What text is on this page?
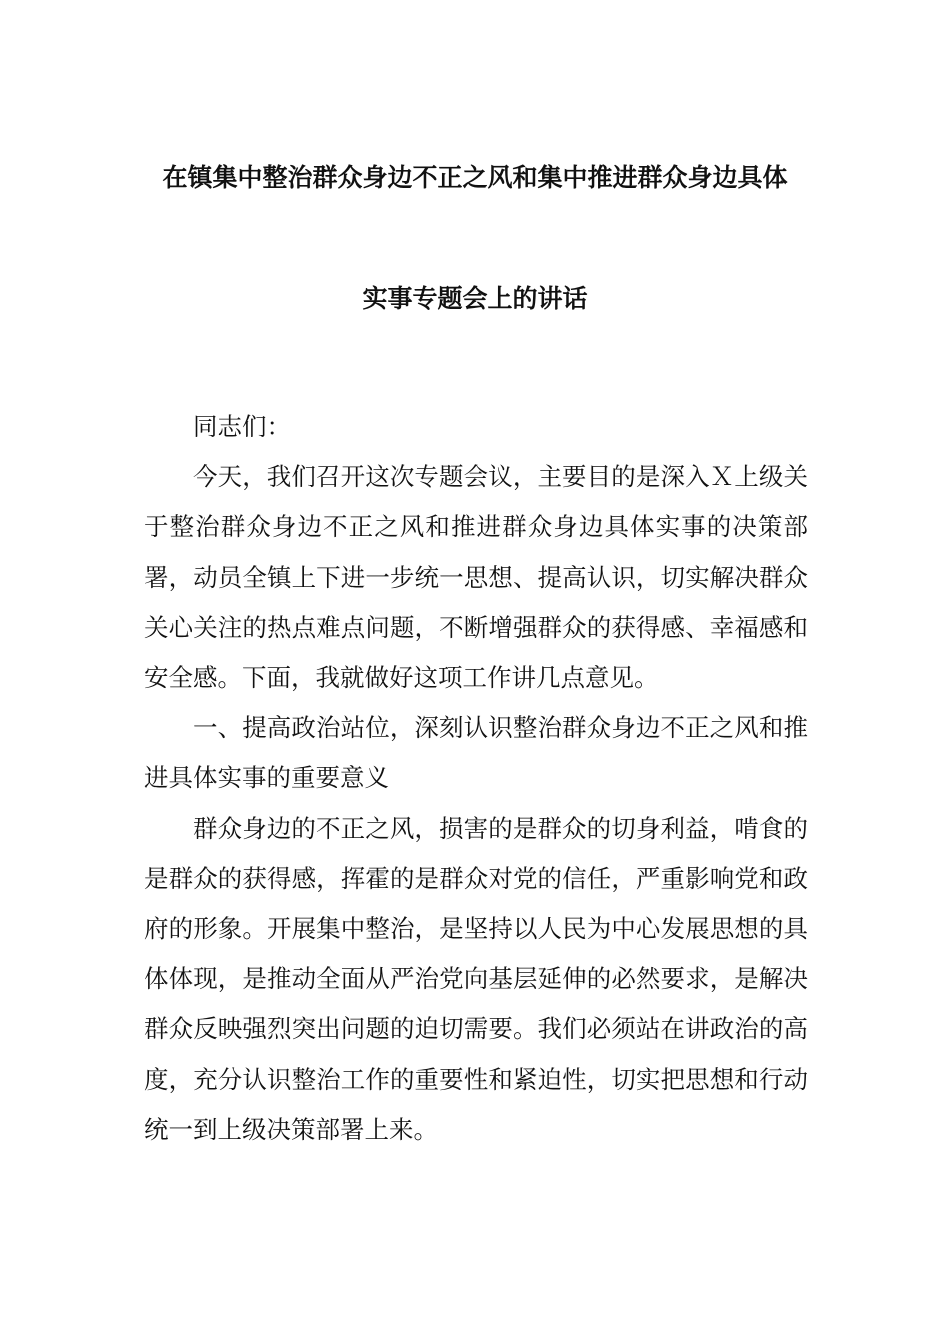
在镇集中整治群众身边不正之风和集中推进群众身边具体
实事专题会上的讲话

同志们：

今天，我们召开这次专题会议，主要目的是深入Ｘ上级关于整治群众身边不正之风和推进群众身边具体实事的决策部署，动员全镇上下进一步统一思想、提高认识，切实解决群众关心关注的热点难点问题，不断增强群众的获得感、幸福感和安全感。下面，我就做好这项工作讲几点意见。

一、提高政治站位，深刻认识整治群众身边不正之风和推进具体实事的重要意义

群众身边的不正之风，损害的是群众的切身利益，啃食的是群众的获得感，挥霍的是群众对党的信任，严重影响党和政府的形象。开展集中整治，是坚持以人民为中心发展思想的具体体现，是推动全面从严治党向基层延伸的必然要求，是解决群众反映强烈突出问题的迫切需要。我们必须站在讲政治的高度，充分认识整治工作的重要性和紧迫性，切实把思想和行动统一到上级决策部署上来。
